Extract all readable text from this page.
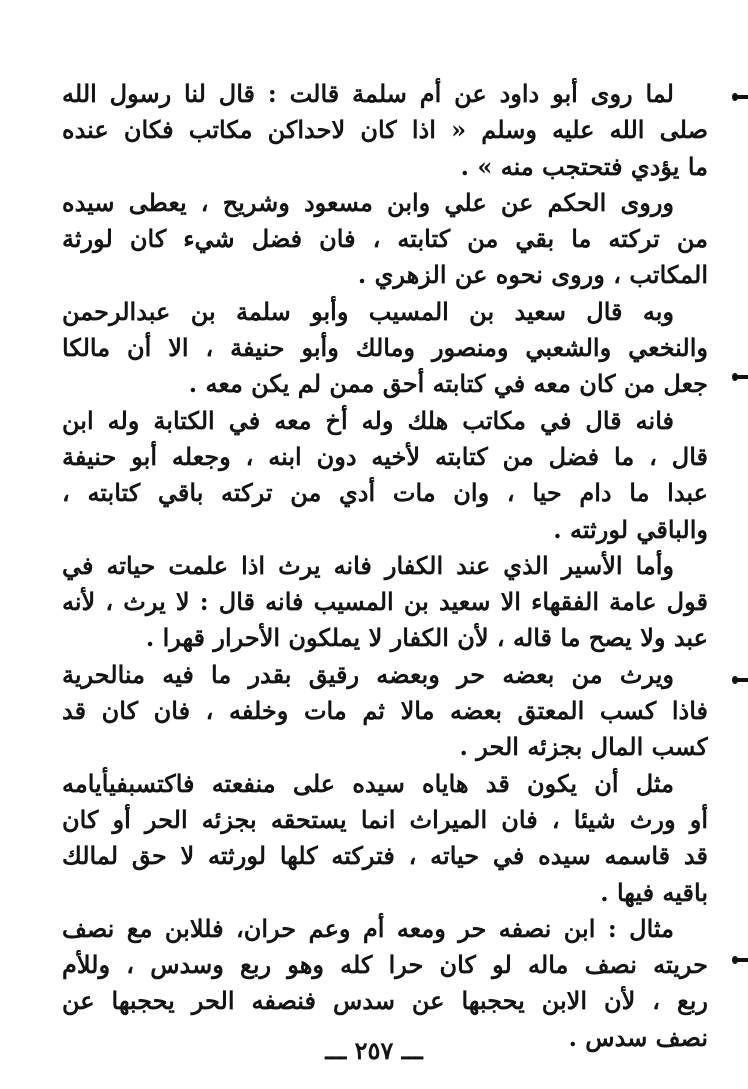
لما روى أبو داود عن أم سلمة قالت : قال لنا رسول الله
صلى الله عليه وسلم « اذا كان لاحداكن مكاتب فكان عنده
ما يؤدي فتحتجب منه » .
وروى الحكم عن علي وابن مسعود وشريح ، يعطى سيده
من تركته ما بقي من كتابته ، فان فضل شيء كان لورثة
المكاتب ، وروى نحوه عن الزهري .
وبه قال سعيد بن المسيب وأبو سلمة بن عبدالرحمن
والنخعي والشعبي ومنصور ومالك وأبو حنيفة ، الا أن مالكا
جعل من كان معه في كتابته أحق ممن لم يكن معه .
فانه قال في مكاتب هلك وله أخ معه في الكتابة وله ابن
قال ، ما فضل من كتابته لأخيه دون ابنه ، وجعله أبو حنيفة
عبدا ما دام حيا ، وان مات أدي من تركته باقي كتابته ،
والباقي لورثته .
وأما الأسير الذي عند الكفار فانه يرث اذا علمت حياته في
قول عامة الفقهاء الا سعيد بن المسيب فانه قال : لا يرث ، لأنه
عبد ولا يصح ما قاله ، لأن الكفار لا يملكون الأحرار قهرا .
ويرث من بعضه حر وبعضه رقيق بقدر ما فيه منالحرية
فاذا كسب المعتق بعضه مالا ثم مات وخلفه ، فان كان قد
كسب المال بجزئه الحر .
مثل أن يكون قد هاياه سيده على منفعته فاكتسبفيأيامه
أو ورث شيئا ، فان الميراث انما يستحقه بجزئه الحر أو كان
قد قاسمه سيده في حياته ، فتركته كلها لورثته لا حق لمالك
باقيه فيها .
مثال : ابن نصفه حر ومعه أم وعم حران، فللابن مع نصف
حريته نصف ماله لو كان حرا كله وهو ربع وسدس ، وللأم
ربع ، لأن الابن يحجبها عن سدس فنصفه الحر يحجبها عن
نصف سدس .
ـــ ٢٥٧ ـــ
